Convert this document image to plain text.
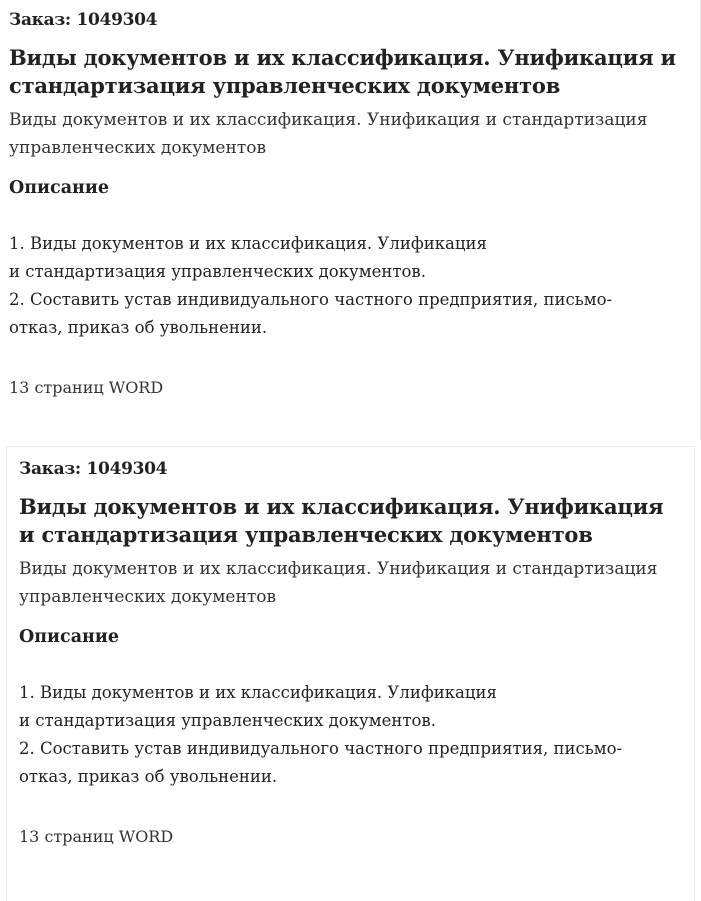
Заказ: 1049304
Виды документов и их классификация. Унификация и стандартизация управленческих документов
Виды документов и их классификация. Унификация и стандартизация управленческих документов
Описание

1. Виды документов и их классификация. Улификация

и стандартизация управленческих документов.

2. Составить устав индивидуального частного предприятия, письмо-

отказ, приказ об увольнении.

13 страниц WORD
Заказ: 1049304
Виды документов и их классификация. Унификация и стандартизация управленческих документов
Виды документов и их классификация. Унификация и стандартизация управленческих документов
Описание

1. Виды документов и их классификация. Улификация

и стандартизация управленческих документов.

2. Составить устав индивидуального частного предприятия, письмо-

отказ, приказ об увольнении.

13 страниц WORD
